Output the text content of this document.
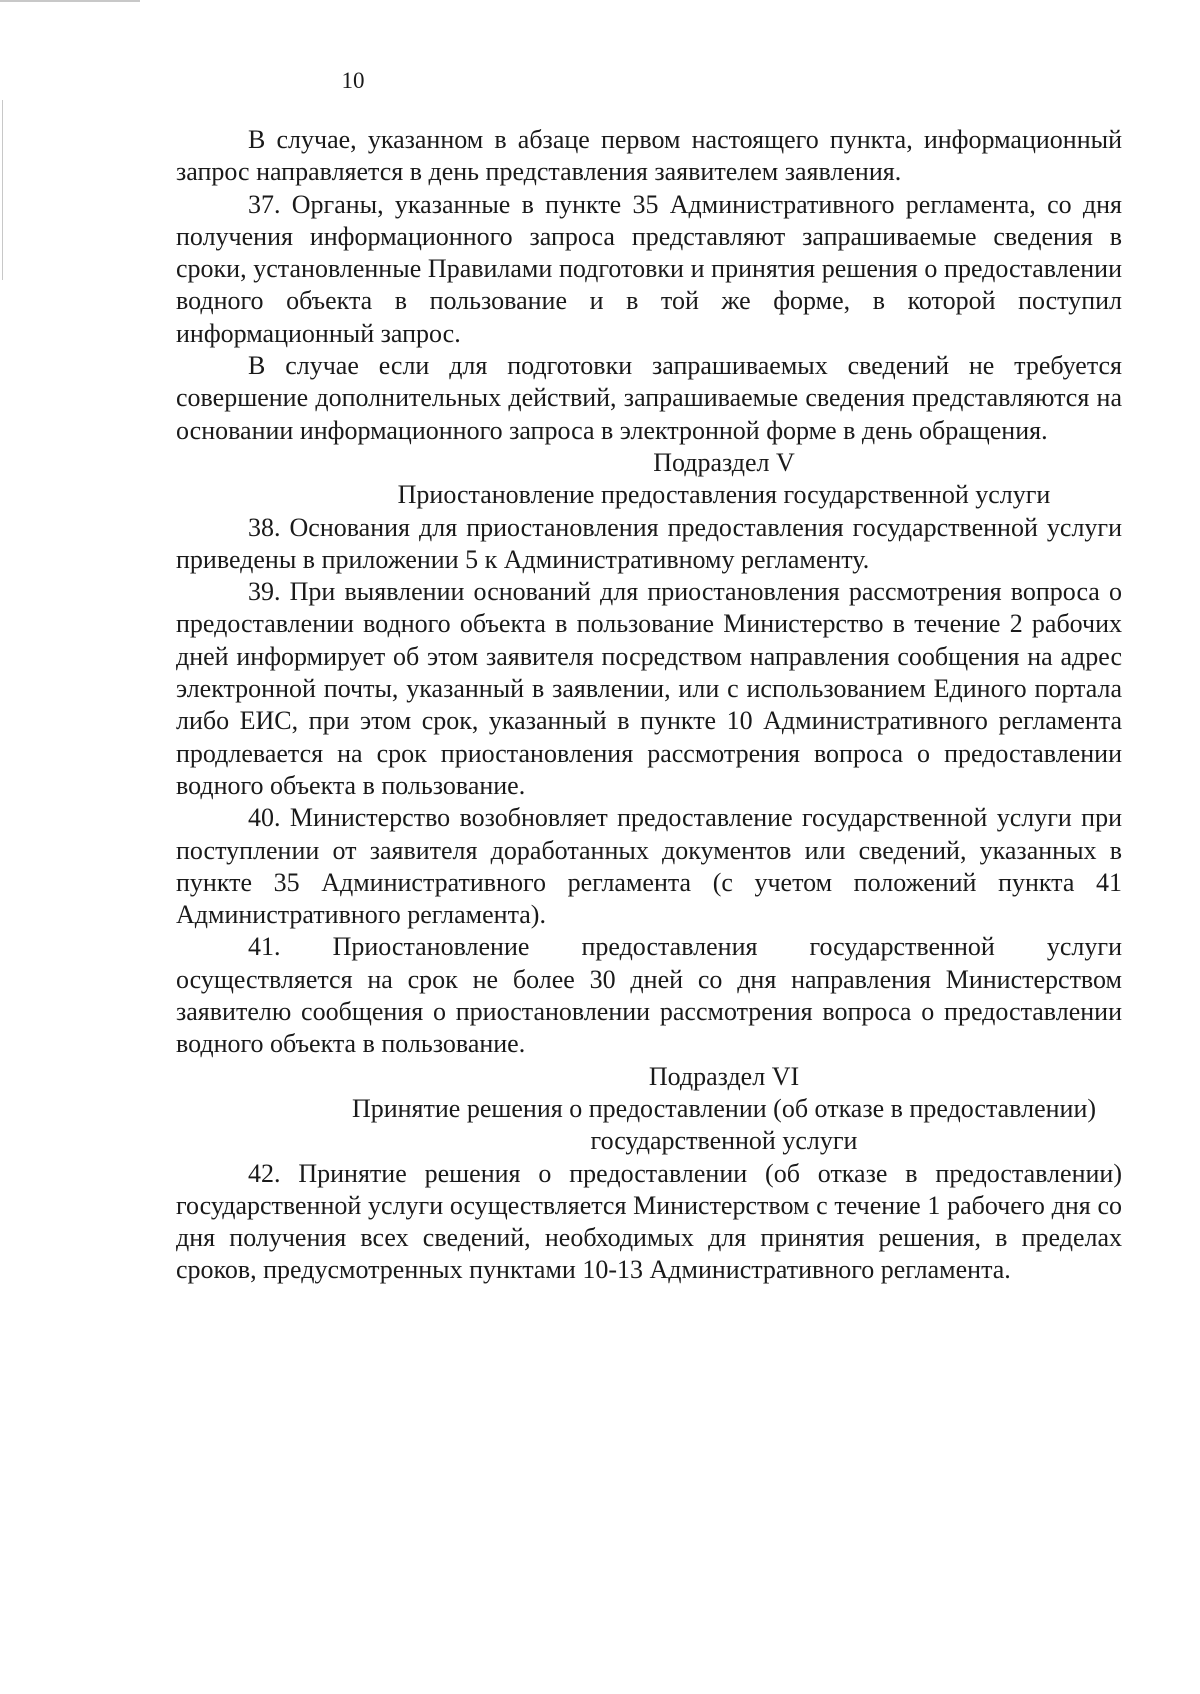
10

В случае, указанном в абзаце первом настоящего пункта, информационный запрос направляется в день представления заявителем заявления.

37. Органы, указанные в пункте 35 Административного регламента, со дня получения информационного запроса представляют запрашиваемые сведения в сроки, установленные Правилами подготовки и принятия решения о предоставлении водного объекта в пользование и в той же форме, в которой поступил информационный запрос.

В случае если для подготовки запрашиваемых сведений не требуется совершение дополнительных действий, запрашиваемые сведения представляются на основании информационного запроса в электронной форме в день обращения.

Подраздел V

Приостановление предоставления государственной услуги

38. Основания для приостановления предоставления государственной услуги приведены в приложении 5 к Административному регламенту.

39. При выявлении оснований для приостановления рассмотрения вопроса о предоставлении водного объекта в пользование Министерство в течение 2 рабочих дней информирует об этом заявителя посредством направления сообщения на адрес электронной почты, указанный в заявлении, или с использованием Единого портала либо ЕИС, при этом срок, указанный в пункте 10 Административного регламента продлевается на срок приостановления рассмотрения вопроса о предоставлении водного объекта в пользование.

40. Министерство возобновляет предоставление государственной услуги при поступлении от заявителя доработанных документов или сведений, указанных в пункте 35 Административного регламента (с учетом положений пункта 41 Административного регламента).

41. Приостановление предоставления государственной услуги осуществляется на срок не более 30 дней со дня направления Министерством заявителю сообщения о приостановлении рассмотрения вопроса о предоставлении водного объекта в пользование.

Подраздел VI

Принятие решения о предоставлении (об отказе в предоставлении)

государственной услуги

42. Принятие решения о предоставлении (об отказе в предоставлении) государственной услуги осуществляется Министерством с течение 1 рабочего дня со дня получения всех сведений, необходимых для принятия решения, в пределах сроков, предусмотренных пунктами 10-13 Административного регламента.
